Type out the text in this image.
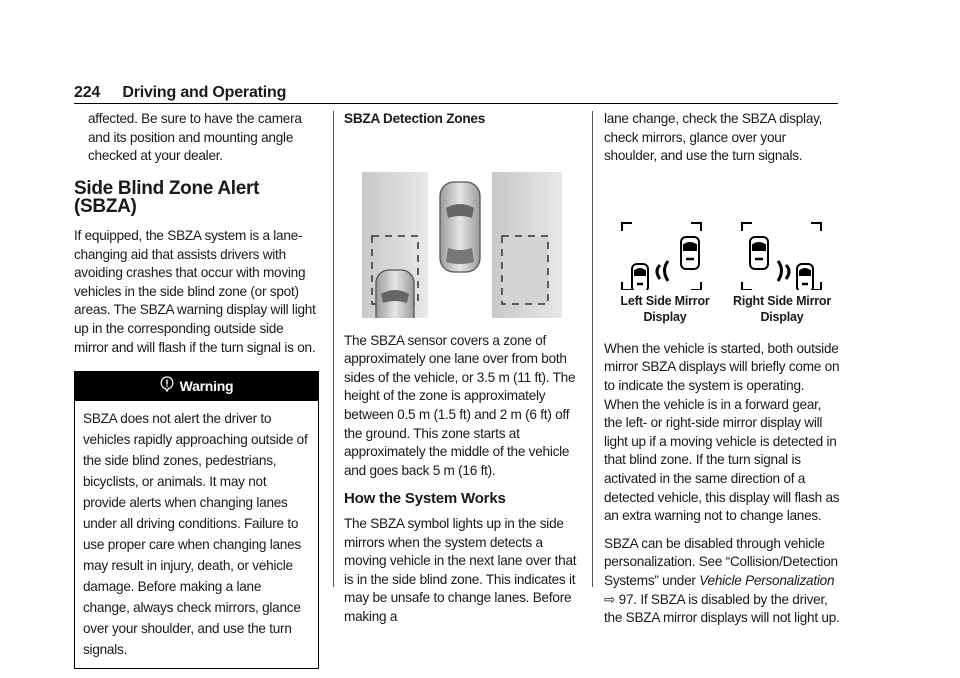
224 Driving and Operating

affected. Be sure to have the camera and its position and mounting angle checked at your dealer.

Side Blind Zone Alert (SBZA)

If equipped, the SBZA system is a lane-changing aid that assists drivers with avoiding crashes that occur with moving vehicles in the side blind zone (or spot) areas. The SBZA warning display will light up in the corresponding outside side mirror and will flash if the turn signal is on.

Warning
SBZA does not alert the driver to vehicles rapidly approaching outside of the side blind zones, pedestrians, bicyclists, or animals. It may not provide alerts when changing lanes under all driving conditions. Failure to use proper care when changing lanes may result in injury, death, or vehicle damage. Before making a lane change, always check mirrors, glance over your shoulder, and use the turn signals.

SBZA Detection Zones

The SBZA sensor covers a zone of approximately one lane over from both sides of the vehicle, or 3.5 m (11 ft). The height of the zone is approximately between 0.5 m (1.5 ft) and 2 m (6 ft) off the ground. This zone starts at approximately the middle of the vehicle and goes back 5 m (16 ft).

How the System Works

The SBZA symbol lights up in the side mirrors when the system detects a moving vehicle in the next lane over that is in the side blind zone. This indicates it may be unsafe to change lanes. Before making a

lane change, check the SBZA display, check mirrors, glance over your shoulder, and use the turn signals.

Left Side Mirror
Display
Right Side Mirror
Display

When the vehicle is started, both outside mirror SBZA displays will briefly come on to indicate the system is operating. When the vehicle is in a forward gear, the left- or right-side mirror display will light up if a moving vehicle is detected in that blind zone. If the turn signal is activated in the same direction of a detected vehicle, this display will flash as an extra warning not to change lanes.

SBZA can be disabled through vehicle personalization. See “Collision/Detection Systems” under Vehicle Personalization ⇨ 97. If SBZA is disabled by the driver, the SBZA mirror displays will not light up.
